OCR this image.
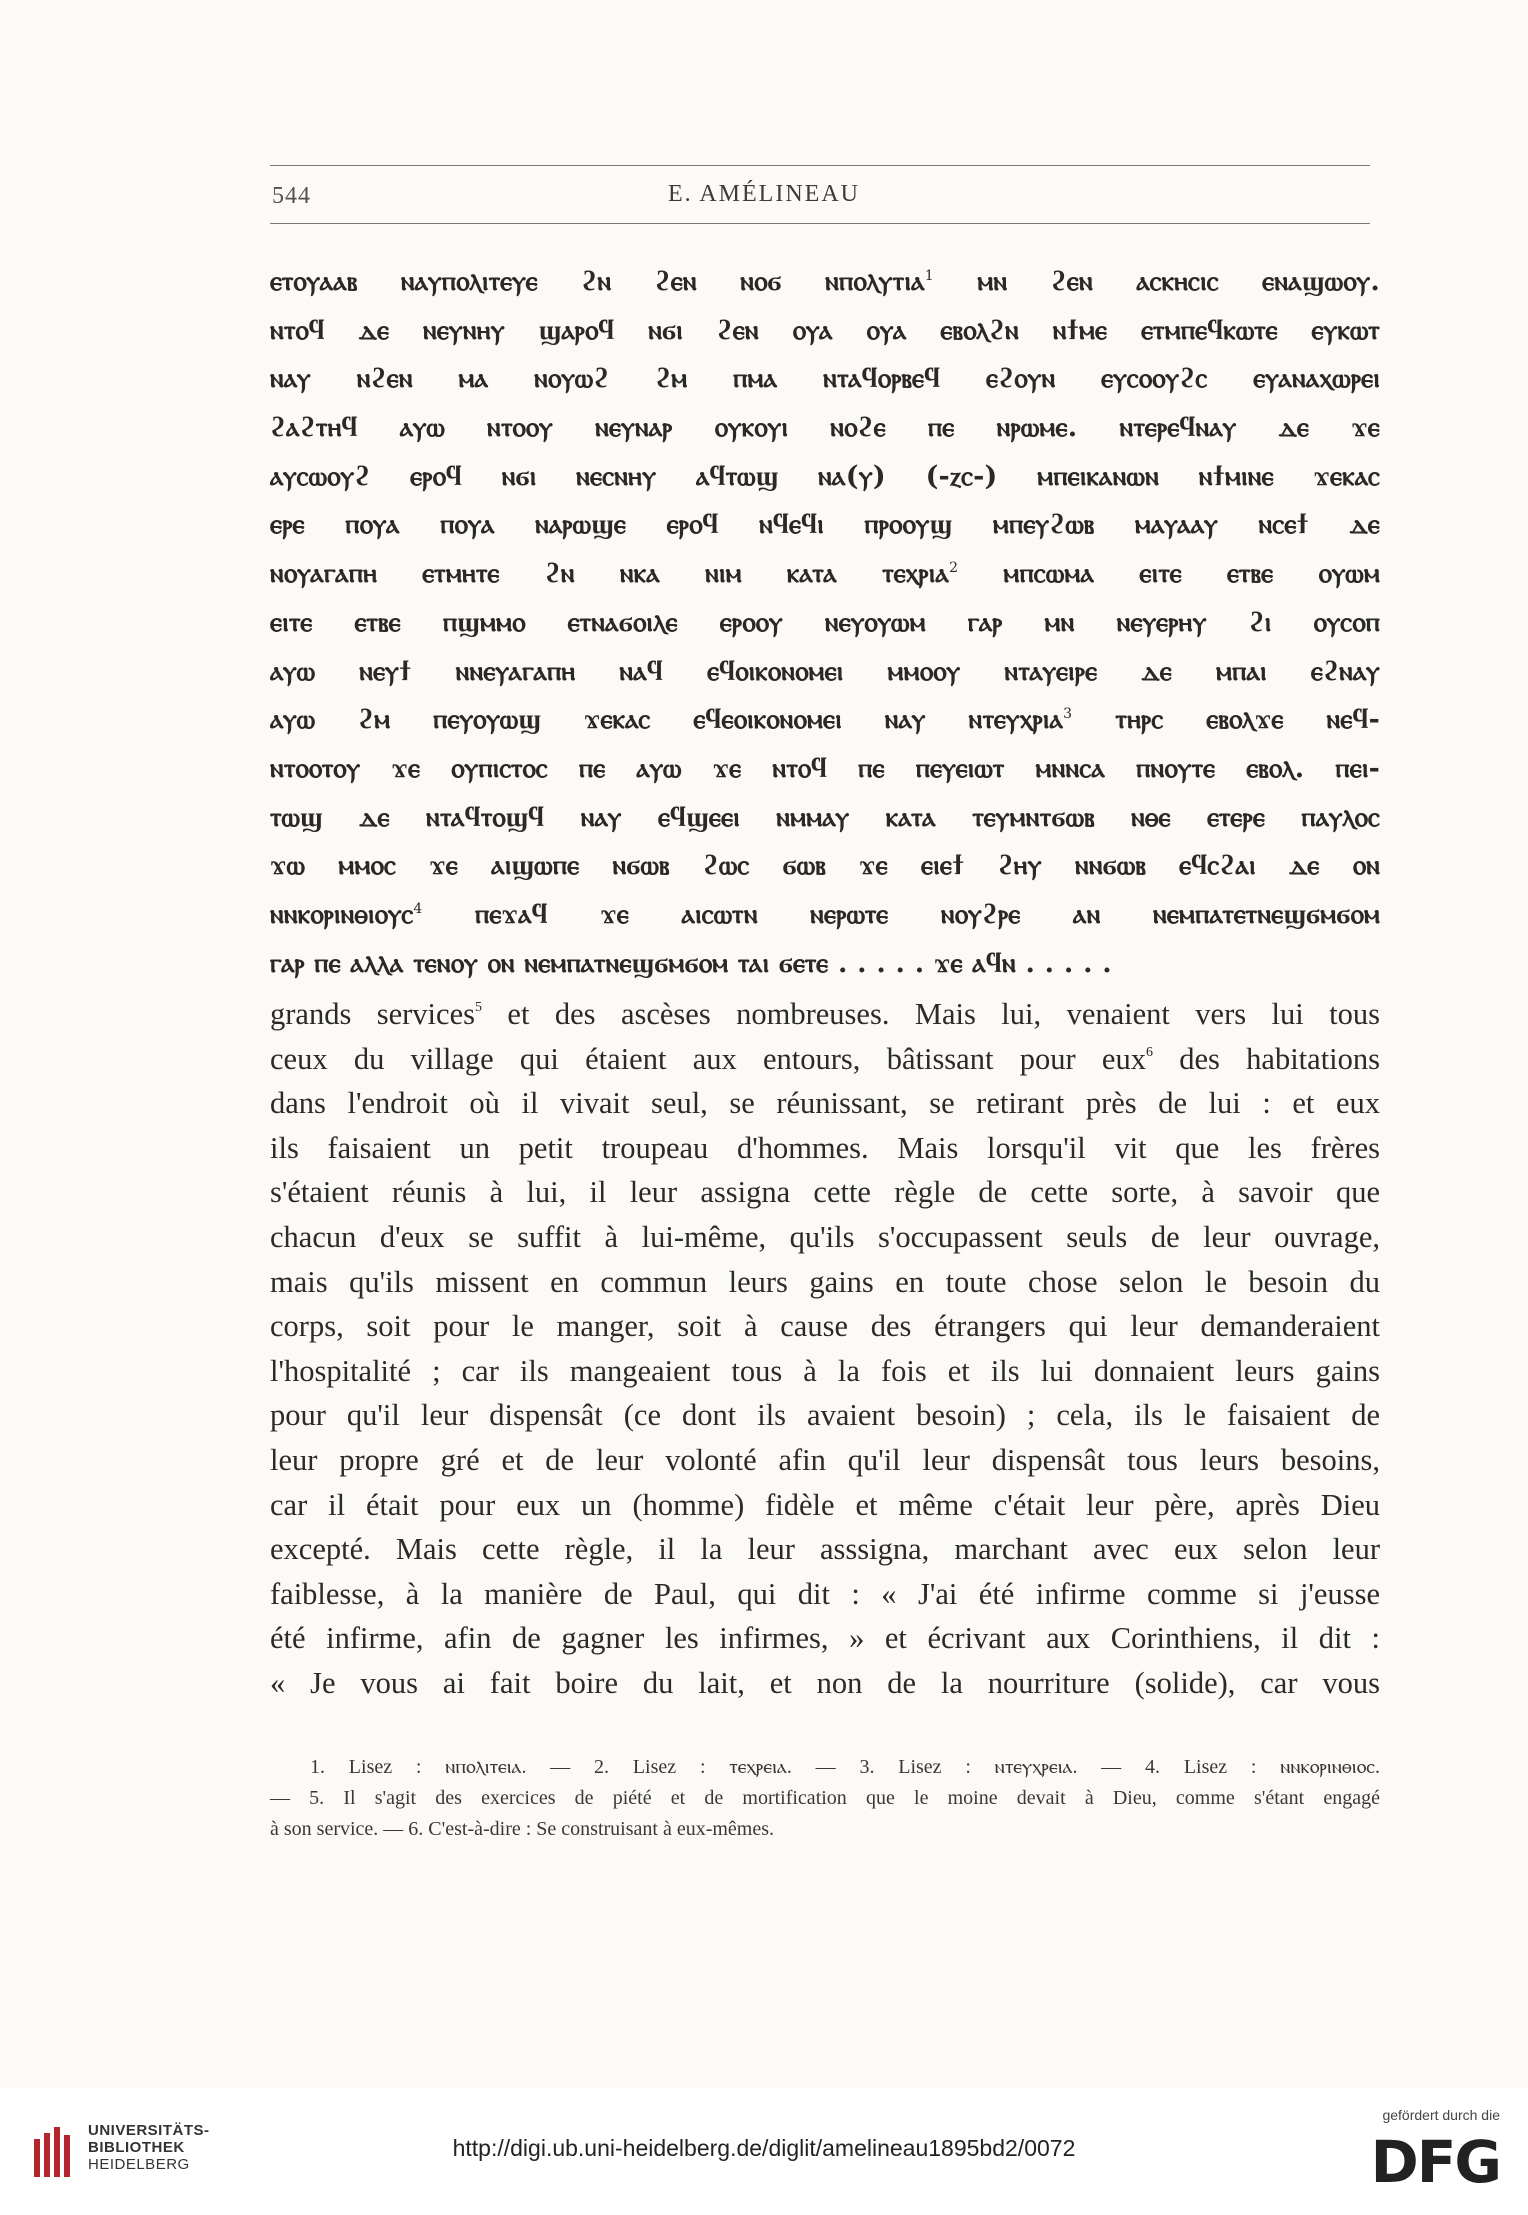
544	E. AMÉLINEAU
ⲉⲧⲟⲩⲁⲁⲃ ⲛⲁⲩⲡⲟⲗⲓⲧⲉⲩⲉ ϩⲛ ϩⲉⲛ ⲛⲟϭ ⲛⲡⲟⲗⲩⲧⲓⲁ$^1$ ⲙⲛ ϩⲉⲛ ⲁⲥⲕⲏⲥⲓⲥ ⲉⲛⲁϣⲱⲟⲩ.
ⲛⲧⲟϥ ⲇⲉ ⲛⲉⲩⲛⲏⲩ ϣⲁⲣⲟϥ ⲛϭⲓ ϩⲉⲛ ⲟⲩⲁ ⲟⲩⲁ ⲉⲃⲟⲗϩⲛ ⲛϯⲙⲉ ⲉⲧⲙⲡⲉϥⲕⲱⲧⲉ ⲉⲩⲕⲱⲧ
ⲛⲁⲩ ⲛϩⲉⲛ ⲙⲁ ⲛⲟⲩⲱϩ ϩⲙ ⲡⲙⲁ ⲛⲧⲁϥⲟⲣⲃⲉϥ ⲉϩⲟⲩⲛ ⲉⲩⲥⲟⲟⲩϩⲥ ⲉⲩⲁⲛⲁⲭⲱⲣⲉⲓ
ϩⲁϩⲧⲏϥ ⲁⲩⲱ ⲛⲧⲟⲟⲩ ⲛⲉⲩⲛⲁⲣ ⲟⲩⲕⲟⲩⲓ ⲛⲟϩⲉ ⲡⲉ ⲛⲣⲱⲙⲉ. ⲛⲧⲉⲣⲉϥⲛⲁⲩ ⲇⲉ ϫⲉ
ⲁⲩⲥⲱⲟⲩϩ ⲉⲣⲟϥ ⲛϭⲓ ⲛⲉⲥⲛⲏⲩ ⲁϥⲧⲱϣ ⲛⲁ(ⲩ) (-ⲍⲥ-) ⲙⲡⲉⲓⲕⲁⲛⲱⲛ ⲛϯⲙⲓⲛⲉ ϫⲉⲕⲁⲥ
ⲉⲣⲉ ⲡⲟⲩⲁ ⲡⲟⲩⲁ ⲛⲁⲣⲱϣⲉ ⲉⲣⲟϥ ⲛϥⲉϥⲓ ⲡⲣⲟⲟⲩϣ ⲙⲡⲉⲩϩⲱⲃ ⲙⲁⲩⲁⲁⲩ ⲛⲥⲉϯ ⲇⲉ
ⲛⲟⲩⲁⲅⲁⲡⲏ ⲉⲧⲙⲏⲧⲉ ϩⲛ ⲛⲕⲁ ⲛⲓⲙ ⲕⲁⲧⲁ ⲧⲉⲭⲣⲓⲁ$^2$ ⲙⲡⲥⲱⲙⲁ ⲉⲓⲧⲉ ⲉⲧⲃⲉ ⲟⲩⲱⲙ
ⲉⲓⲧⲉ ⲉⲧⲃⲉ ⲡϣⲙⲙⲟ ⲉⲧⲛⲁϭⲟⲓⲗⲉ ⲉⲣⲟⲟⲩ ⲛⲉⲩⲟⲩⲱⲙ ⲅⲁⲣ ⲙⲛ ⲛⲉⲩⲉⲣⲏⲩ ϩⲓ ⲟⲩⲥⲟⲡ
ⲁⲩⲱ ⲛⲉⲩϯ ⲛⲛⲉⲩⲁⲅⲁⲡⲏ ⲛⲁϥ ⲉϥⲟⲓⲕⲟⲛⲟⲙⲉⲓ ⲙⲙⲟⲟⲩ ⲛⲧⲁⲩⲉⲓⲣⲉ ⲇⲉ ⲙⲡⲁⲓ ⲉϩⲛⲁⲩ
ⲁⲩⲱ ϩⲙ ⲡⲉⲩⲟⲩⲱϣ ϫⲉⲕⲁⲥ ⲉϥⲉⲟⲓⲕⲟⲛⲟⲙⲉⲓ ⲛⲁⲩ ⲛⲧⲉⲩⲭⲣⲓⲁ$^3$ ⲧⲏⲣⲥ ⲉⲃⲟⲗϫⲉ ⲛⲉϥ-
ⲛⲧⲟⲟⲧⲟⲩ ϫⲉ ⲟⲩⲡⲓⲥⲧⲟⲥ ⲡⲉ ⲁⲩⲱ ϫⲉ ⲛⲧⲟϥ ⲡⲉ ⲡⲉⲩⲉⲓⲱⲧ ⲙⲛⲛⲥⲁ ⲡⲛⲟⲩⲧⲉ ⲉⲃⲟⲗ. ⲡⲉⲓ-
ⲧⲱϣ ⲇⲉ ⲛⲧⲁϥⲧⲟϣϥ ⲛⲁⲩ ⲉϥϣⲉⲉⲓ ⲛⲙⲙⲁⲩ ⲕⲁⲧⲁ ⲧⲉⲩⲙⲛⲧϭⲱⲃ ⲛⲑⲉ ⲉⲧⲉⲣⲉ ⲡⲁⲩⲗⲟⲥ
ϫⲱ ⲙⲙⲟⲥ ϫⲉ ⲁⲓϣⲱⲡⲉ ⲛϭⲱⲃ ϩⲱⲥ ϭⲱⲃ ϫⲉ ⲉⲓⲉϯ ϩⲏⲩ ⲛⲛϭⲱⲃ ⲉϥⲥϩⲁⲓ ⲇⲉ ⲟⲛ
ⲛⲛⲕⲟⲣⲓⲛⲑⲓⲟⲩⲥ$^4$ ⲡⲉϫⲁϥ ϫⲉ ⲁⲓⲥⲱⲧⲛ ⲛⲉⲣⲱⲧⲉ ⲛⲟⲩϩⲣⲉ ⲁⲛ ⲛⲉⲙⲡⲁⲧⲉⲧⲛⲉϣϭⲙϭⲟⲙ
ⲅⲁⲣ ⲡⲉ ⲁⲗⲗⲁ ⲧⲉⲛⲟⲩ ⲟⲛ ⲛⲉⲙⲡⲁⲧⲛⲉϣϭⲙϭⲟⲙ ⲧⲁⲓ ϭⲉⲧⲉ . . . . . ϫⲉ ⲁϥⲛ . . . . .
grands services$^5$ et des ascèses nombreuses. Mais lui, venaient vers lui tous
ceux du village qui étaient aux entours, bâtissant pour eux$^6$ des habitations
dans l'endroit où il vivait seul, se réunissant, se retirant près de lui : et eux
ils faisaient un petit troupeau d'hommes. Mais lorsqu'il vit que les frères
s'étaient réunis à lui, il leur assigna cette règle de cette sorte, à savoir que
chacun d'eux se suffit à lui-même, qu'ils s'occupassent seuls de leur ouvrage,
mais qu'ils missent en commun leurs gains en toute chose selon le besoin du
corps, soit pour le manger, soit à cause des étrangers qui leur demanderaient
l'hospitalité ; car ils mangeaient tous à la fois et ils lui donnaient leurs gains
pour qu'il leur dispensât (ce dont ils avaient besoin) ; cela, ils le faisaient de
leur propre gré et de leur volonté afin qu'il leur dispensât tous leurs besoins,
car il était pour eux un (homme) fidèle et même c'était leur père, après Dieu
excepté. Mais cette règle, il la leur asssigna, marchant avec eux selon leur
faiblesse, à la manière de Paul, qui dit : « J'ai été infirme comme si j'eusse
été infirme, afin de gagner les infirmes, » et écrivant aux Corinthiens, il dit :
« Je vous ai fait boire du lait, et non de la nourriture (solide), car vous
1. Lisez : ⲛⲡⲟⲗⲓⲧⲉⲓⲁ. — 2. Lisez : ⲧⲉⲭⲣⲉⲓⲁ. — 3. Lisez : ⲛⲧⲉⲩⲭⲣⲉⲓⲁ. — 4. Lisez : ⲛⲛⲕⲟⲣⲓⲛⲑⲓⲟⲥ.
— 5. Il s'agit des exercices de piété et de mortification que le moine devait à Dieu, comme s'étant engagé
à son service. — 6. C'est-à-dire : Se construisant à eux-mêmes.
UNIVERSITÄTS-
BIBLIOTHEK
HEIDELBERG
http://digi.ub.uni-heidelberg.de/diglit/amelineau1895bd2/0072
gefördert durch die
DFG
